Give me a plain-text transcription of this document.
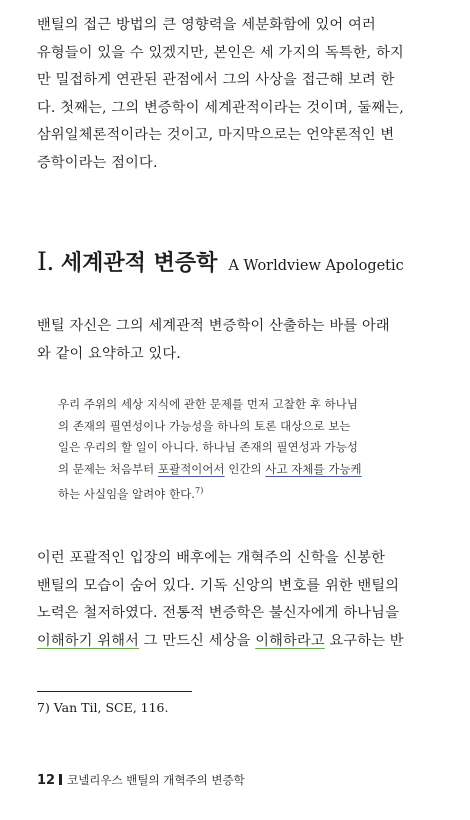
밴틸의 접근 방법의 큰 영향력을 세분화함에 있어 여러
유형들이 있을 수 있겠지만, 본인은 세 가지의 독특한, 하지
만 밀접하게 연관된 관점에서 그의 사상을 접근해 보려 한
다. 첫째는, 그의 변증학이 세계관적이라는 것이며, 둘째는,
삼위일체론적이라는 것이고, 마지막으로는 언약론적인 변
증학이라는 점이다.
I. 세계관적 변증학 A Worldview Apologetic
밴틸 자신은 그의 세계관적 변증학이 산출하는 바를 아래
와 같이 요약하고 있다.
우리 주위의 세상 지식에 관한 문제를 먼저 고찰한 후 하나님
의 존재의 필연성이나 가능성을 하나의 토론 대상으로 보는
일은 우리의 할 일이 아니다. 하나님 존재의 필연성과 가능성
의 문제는 처음부터 포괄적이어서 인간의 사고 자체를 가능케
하는 사실임을 알려야 한다.$^{7)}$
이런 포괄적인 입장의 배후에는 개혁주의 신학을 신봉한
밴틸의 모습이 숨어 있다. 기독 신앙의 변호를 위한 밴틸의
노력은 철저하였다. 전통적 변증학은 불신자에게 하나님을
이해하기 위해서 그 만드신 세상을 이해하라고 요구하는 반
7) Van Til, SCE, 116.
12 코넬리우스 밴틸의 개혁주의 변증학
